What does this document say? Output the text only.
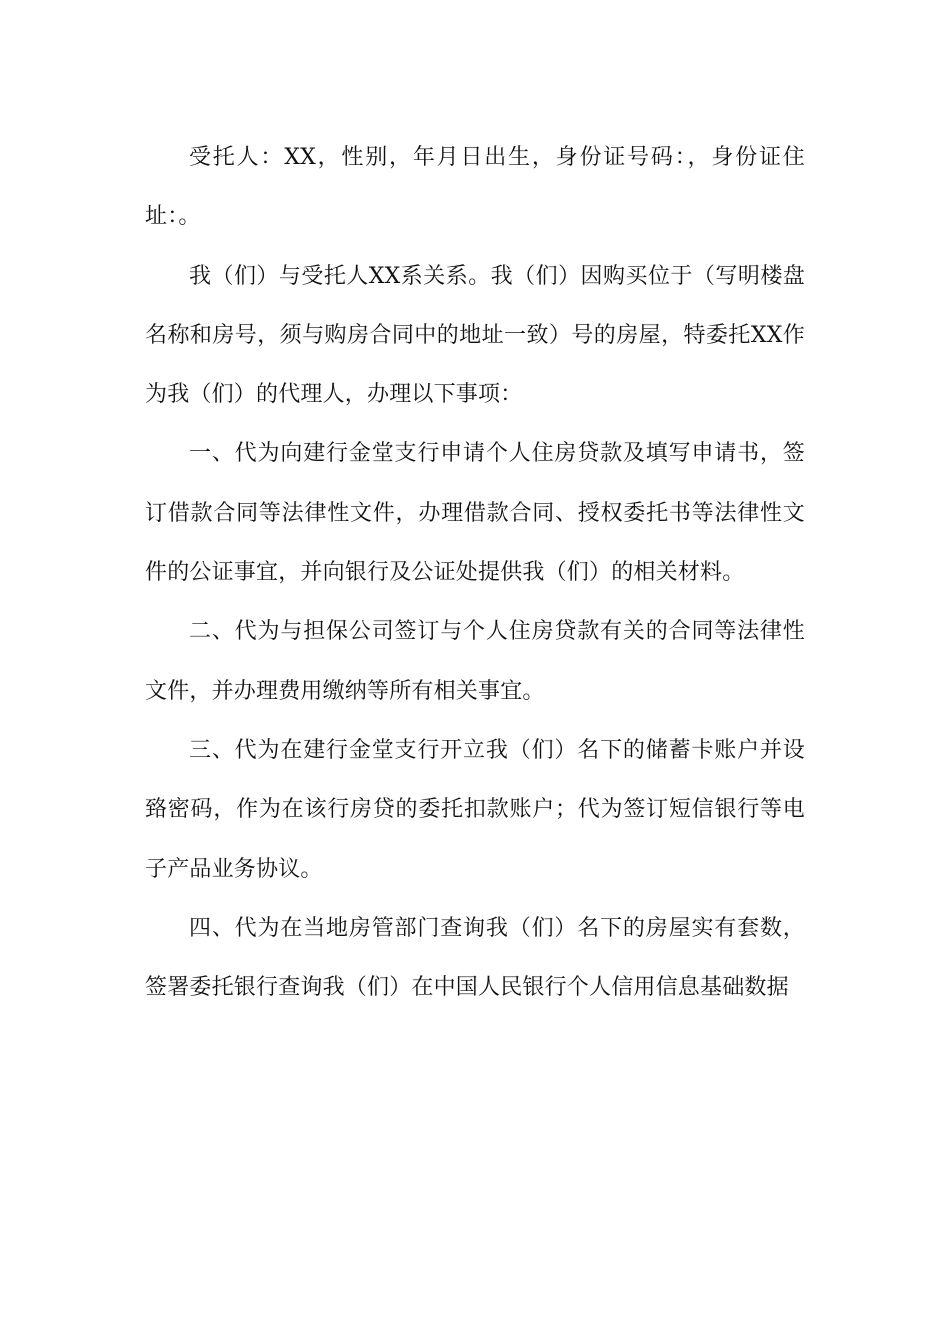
受托人：XX，性别，年月日出生，身份证号码：，身份证住址：。

我（们）与受托人XX系关系。我（们）因购买位于（写明楼盘名称和房号，须与购房合同中的地址一致）号的房屋，特委托XX作为我（们）的代理人，办理以下事项：

一、代为向建行金堂支行申请个人住房贷款及填写申请书，签订借款合同等法律性文件，办理借款合同、授权委托书等法律性文件的公证事宜，并向银行及公证处提供我（们）的相关材料。

二、代为与担保公司签订与个人住房贷款有关的合同等法律性文件，并办理费用缴纳等所有相关事宜。

三、代为在建行金堂支行开立我（们）名下的储蓄卡账户并设臵密码，作为在该行房贷的委托扣款账户；代为签订短信银行等电子产品业务协议。

四、代为在当地房管部门查询我（们）名下的房屋实有套数，签署委托银行查询我（们）在中国人民银行个人信用信息基础数据
